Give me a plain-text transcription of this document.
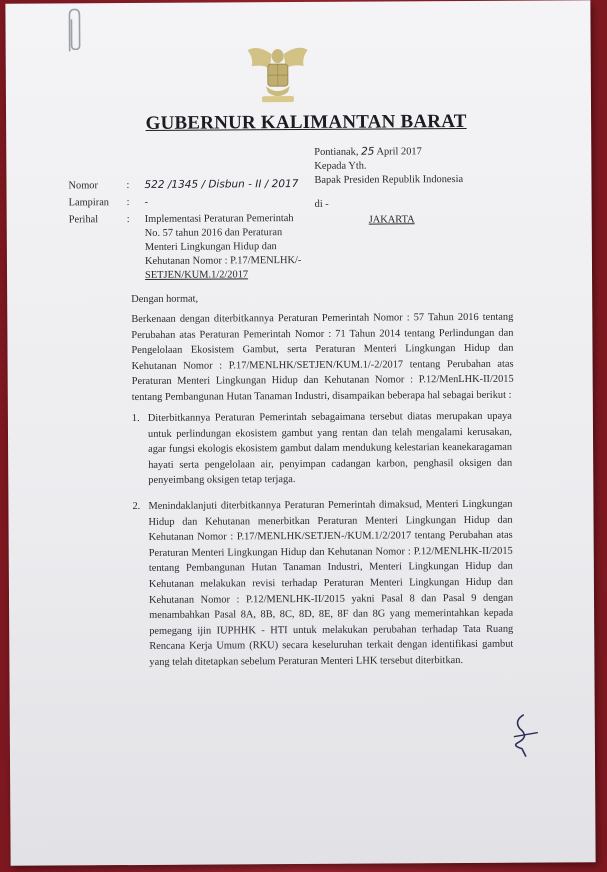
GUBERNUR KALIMANTAN BARAT
Pontianak, 25 April 2017
Kepada Yth.
Bapak Presiden Republik Indonesia
di -
JAKARTA
Nomor	: 522 /1345 / Disbun - II / 2017
Lampiran : -
Perihal	: Implementasi Peraturan Pemerintah
No. 57 tahun 2016 dan Peraturan
Menteri Lingkungan Hidup dan
Kehutanan Nomor : P.17/MENLHK/-
SETJEN/KUM.1/2/2017
Dengan hormat,
Berkenaan dengan diterbitkannya Peraturan Pemerintah Nomor : 57 Tahun 2016 tentang Perubahan atas Peraturan Pemerintah Nomor : 71 Tahun 2014 tentang Perlindungan dan Pengelolaan Ekosistem Gambut, serta Peraturan Menteri Lingkungan Hidup dan Kehutanan Nomor : P.17/MENLHK/SETJEN/KUM.1/-2/2017 tentang Perubahan atas Peraturan Menteri Lingkungan Hidup dan Kehutanan Nomor : P.12/MenLHK-II/2015 tentang Pembangunan Hutan Tanaman Industri, disampaikan beberapa hal sebagai berikut :
1. Diterbitkannya Peraturan Pemerintah sebagaimana tersebut diatas merupakan upaya untuk perlindungan ekosistem gambut yang rentan dan telah mengalami kerusakan, agar fungsi ekologis ekosistem gambut dalam mendukung kelestarian keanekaragaman hayati serta pengelolaan air, penyimpan cadangan karbon, penghasil oksigen dan penyeimbang oksigen tetap terjaga.
2. Menindaklanjuti diterbitkannya Peraturan Pemerintah dimaksud, Menteri Lingkungan Hidup dan Kehutanan menerbitkan Peraturan Menteri Lingkungan Hidup dan Kehutanan Nomor : P.17/MENLHK/SETJEN-/KUM.1/2/2017 tentang Perubahan atas Peraturan Menteri Lingkungan Hidup dan Kehutanan Nomor : P.12/MENLHK-II/2015 tentang Pembangunan Hutan Tanaman Industri, Menteri Lingkungan Hidup dan Kehutanan melakukan revisi terhadap Peraturan Menteri Lingkungan Hidup dan Kehutanan Nomor : P.12/MENLHK-II/2015 yakni Pasal 8 dan Pasal 9 dengan menambahkan Pasal 8A, 8B, 8C, 8D, 8E, 8F dan 8G yang memerintahkan kepada pemegang ijin IUPHHK - HTI untuk melakukan perubahan terhadap Tata Ruang Rencana Kerja Umum (RKU) secara keseluruhan terkait dengan identifikasi gambut yang telah ditetapkan sebelum Peraturan Menteri LHK tersebut diterbitkan.
